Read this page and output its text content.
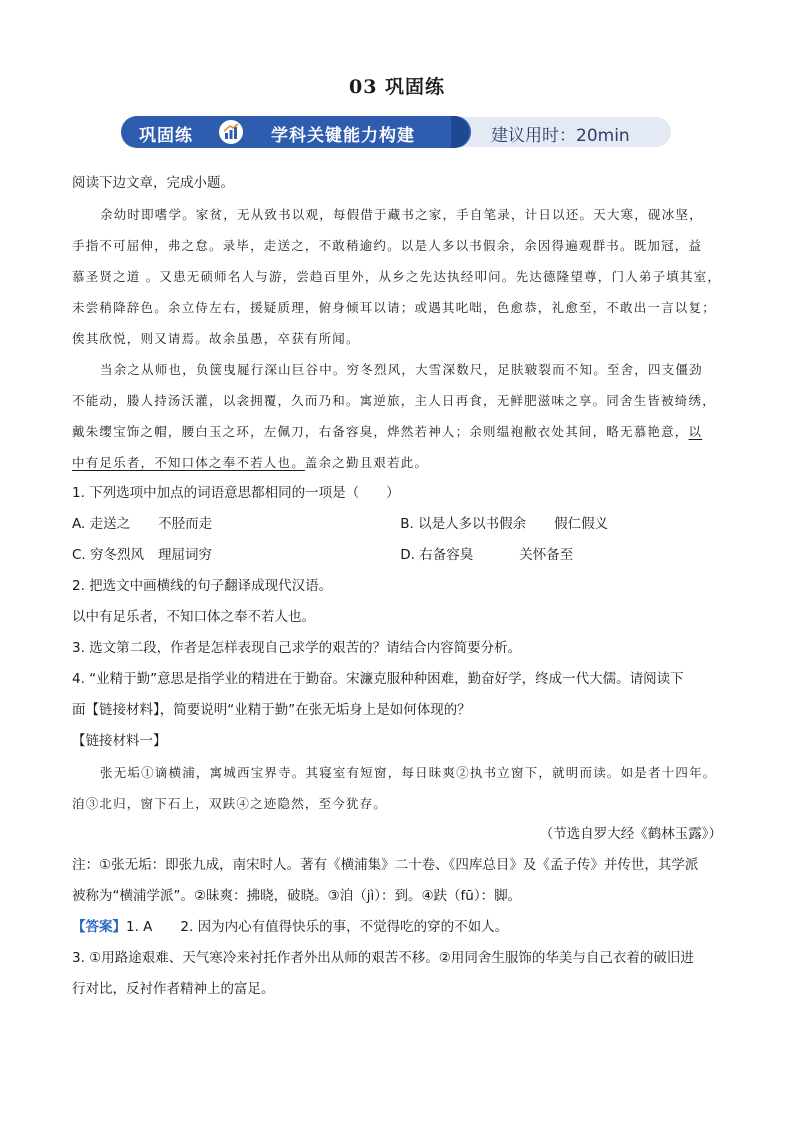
03 巩固练
巩固练	学科关键能力构建	建议用时：20min
阅读下边文章，完成小题。
余幼时即嗜学。家贫，无从致书以观，每假借于藏书之家，手自笔录，计日以还。天大寒，砚冰坚，
手指不可屈伸，弗之怠。录毕，走送之，不敢稍逾约。以是人多以书假余，余因得遍观群书。既加冠，益
慕圣贤之道 。又患无硕师名人与游，尝趋百里外，从乡之先达执经叩问。先达德隆望尊，门人弟子填其室，
未尝稍降辞色。余立侍左右，援疑质理，俯身倾耳以请；或遇其叱咄，色愈恭，礼愈至，不敢出一言以复；
俟其欣悦，则又请焉。故余虽愚，卒获有所闻。
当余之从师也，负箧曳屣行深山巨谷中。穷冬烈风，大雪深数尺，足肤皲裂而不知。至舍，四支僵劲
不能动，媵人持汤沃灌，以衾拥覆，久而乃和。寓逆旅，主人日再食，无鲜肥滋味之享。同舍生皆被绮绣，
戴朱缨宝饰之帽，腰白玉之环，左佩刀，右备容臭，烨然若神人；余则缊袍敝衣处其间，略无慕艳意，以
中有足乐者，不知口体之奉不若人也。盖余之勤且艰若此。
1. 下列选项中加点的词语意思都相同的一项是（　　）
A. 走送之 不胫而走	B. 以是人多以书假余 假仁假义
C. 穷冬烈风 理屈词穷	D. 右备容臭	关怀备至
2. 把选文中画横线的句子翻译成现代汉语。
以中有足乐者，不知口体之奉不若人也。
3. 选文第二段，作者是怎样表现自己求学的艰苦的？请结合内容简要分析。
4. “业精于勤”意思是指学业的精进在于勤奋。宋濂克服种种困难，勤奋好学，终成一代大儒。请阅读下
面【链接材料】，简要说明“业精于勤”在张无垢身上是如何体现的？
【链接材料一】
张无垢①谪横浦，寓城西宝界寺。其寝室有短窗，每日昧爽②执书立窗下，就明而读。如是者十四年。
洎③北归，窗下石上，双趺④之迹隐然，至今犹存。
（节选自罗大经《鹤林玉露》）
注：①张无垢：即张九成，南宋时人。著有《横浦集》二十卷、《四库总目》及《孟子传》并传世，其学派
被称为“横浦学派”。②昧爽：拂晓，破晓。③洎（jì）：到。④趺（fū）：脚。
【答案】1. A 2. 因为内心有值得快乐的事，不觉得吃的穿的不如人。
3. ①用路途艰难、天气寒冷来衬托作者外出从师的艰苦不移。②用同舍生服饰的华美与自己衣着的破旧进
行对比，反衬作者精神上的富足。
